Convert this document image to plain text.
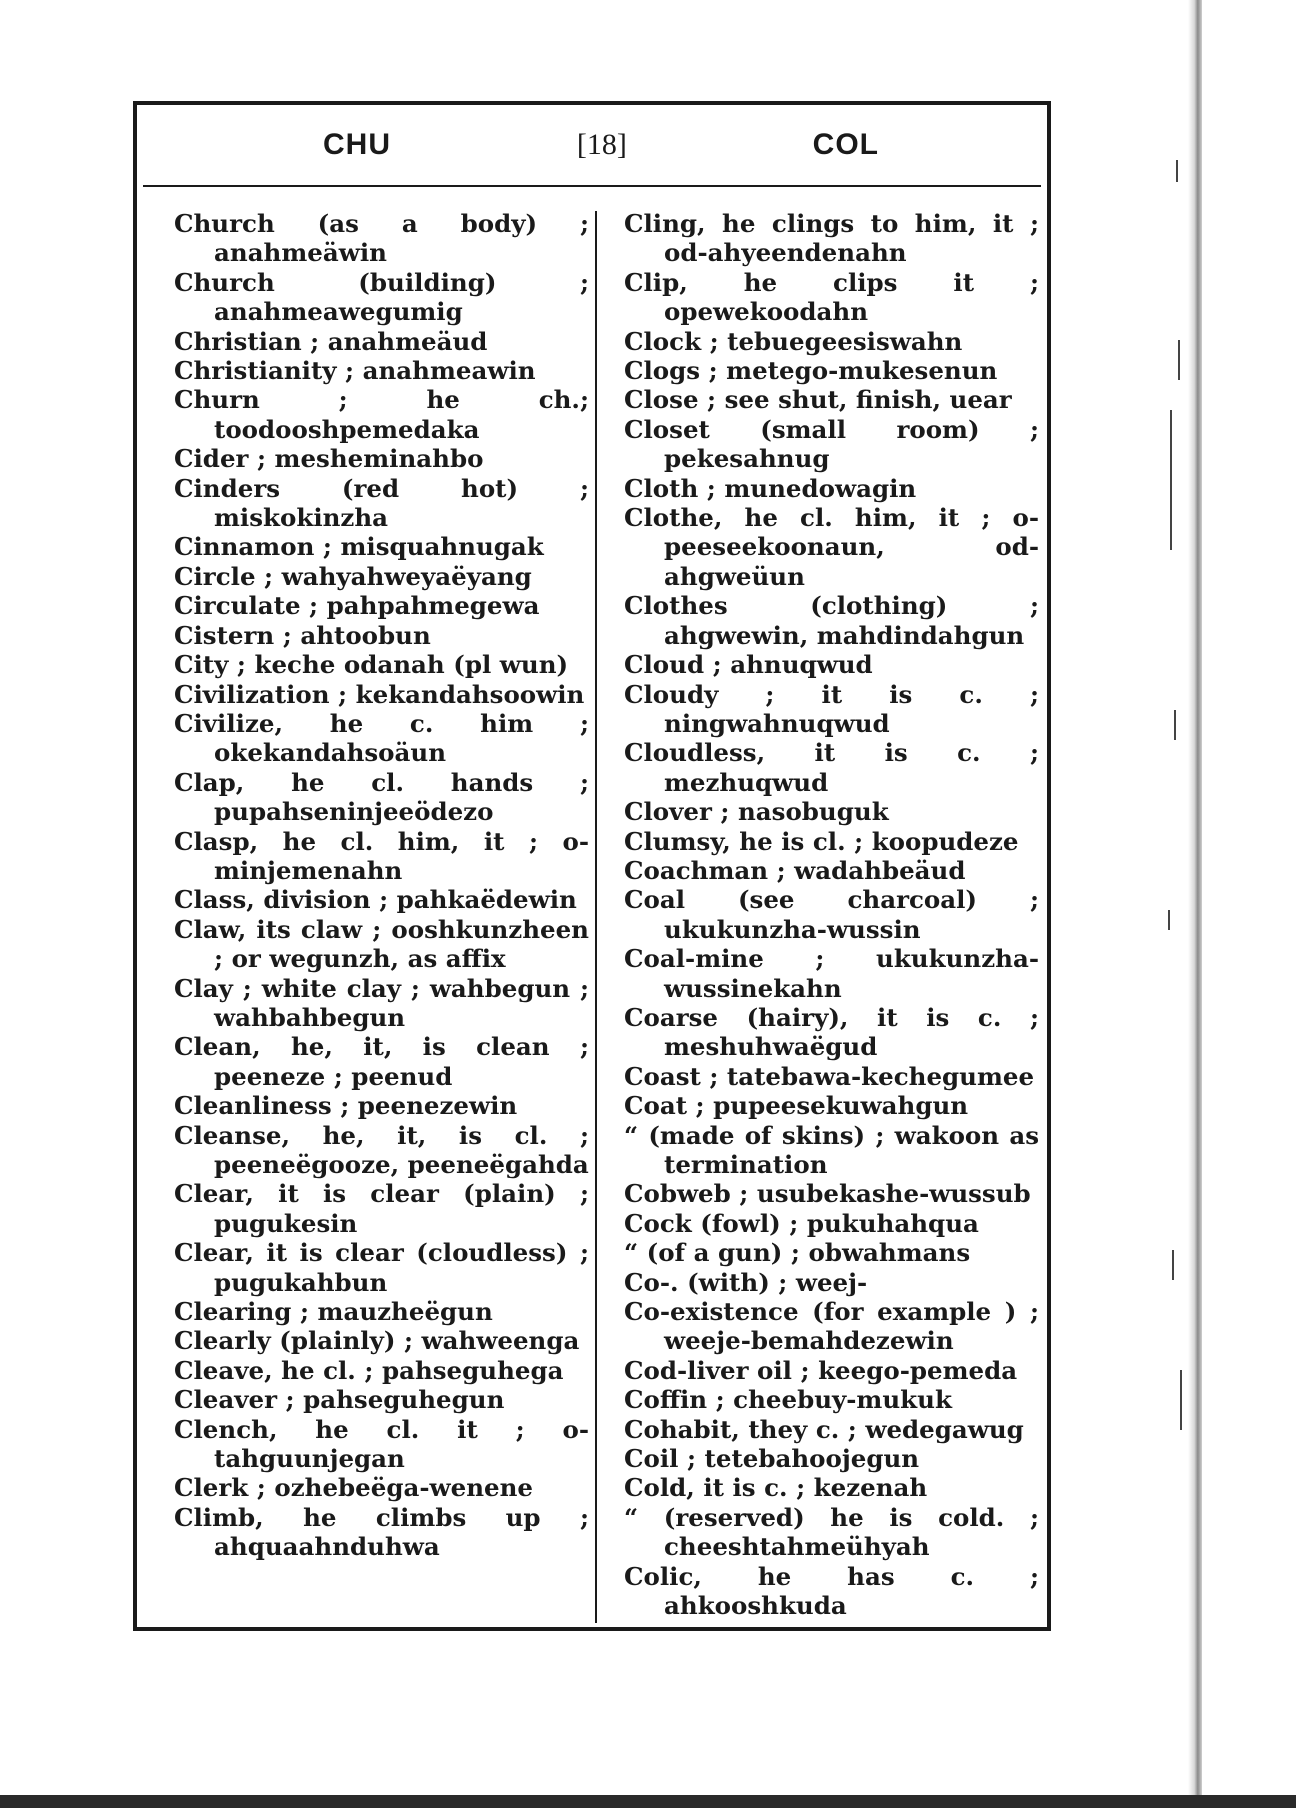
CHU	[18]	COL
Church (as a body) ; anahmeäwin
Church (building) ; anahmeawegumig
Christian ; anahmeäud
Christianity ; anahmeawin
Churn ; he ch.; toodooshpemedaka
Cider ; mesheminahbo
Cinders (red hot) ; miskokinzha
Cinnamon ; misquahnugak
Circle ; wahyahweyaëyang
Circulate ; pahpahmegewa
Cistern ; ahtoobun
City ; keche odanah (pl wun)
Civilization ; kekandahsoowin
Civilize, he c. him ; okekandahsoäun
Clap, he cl. hands ; pupahseninjeeödezo
Clasp, he cl. him, it ; o-minjemenahn
Class, division ; pahkaëdewin
Claw, its claw ; ooshkunzheen ; or wegunzh, as affix
Clay ; white clay ; wahbegun ; wahbahbegun
Clean, he, it, is clean ; peeneze ; peenud
Cleanliness ; peenezewin
Cleanse, he, it, is cl. ; peeneëgooze, peeneëgahda
Clear, it is clear (plain) ; pugukesin
Clear, it is clear (cloudless) ; pugukahbun
Clearing ; mauzheëgun
Clearly (plainly) ; wahweenga
Cleave, he cl. ; pahseguhega
Cleaver ; pahseguhegun
Clench, he cl. it ; o-tahguunjegan
Clerk ; ozhebeëga-wenene
Climb, he climbs up ; ahquaahnduhwa
Cling, he clings to him, it ; od-ahyeendenahn
Clip, he clips it ; opewekoodahn
Clock ; tebuegeesiswahn
Clogs ; metego-mukesenun
Close ; see shut, finish, uear
Closet (small room) ; pekesahnug
Cloth ; munedowagin
Clothe, he cl. him, it ; o-peeseekoonaun, od-ahgweüun
Clothes (clothing) ; ahgwewin, mahdindahgun
Cloud ; ahnuqwud
Cloudy ; it is c. ; ningwahnuqwud
Cloudless, it is c. ; mezhuqwud
Clover ; nasobuguk
Clumsy, he is cl. ; koopudeze
Coachman ; wadahbeäud
Coal (see charcoal) ; ukukunzha-wussin
Coal-mine ; ukukunzha-wussinekahn
Coarse (hairy), it is c. ; meshuhwaëgud
Coast ; tatebawa-kechegumee
Coat ; pupeesekuwahgun
“ (made of skins) ; wakoon as termination
Cobweb ; usubekashe-wussub
Cock (fowl) ; pukuhahqua
“ (of a gun) ; obwahmans
Co-. (with) ; weej-
Co-existence (for example ) ; weeje-bemahdezewin
Cod-liver oil ; keego-pemeda
Coffin ; cheebuy-mukuk
Cohabit, they c. ; wedegawug
Coil ; tetebahoojegun
Cold, it is c. ; kezenah
“ (reserved) he is cold. ; cheeshtahmeühyah
Colic, he has c. ; ahkooshkuda
